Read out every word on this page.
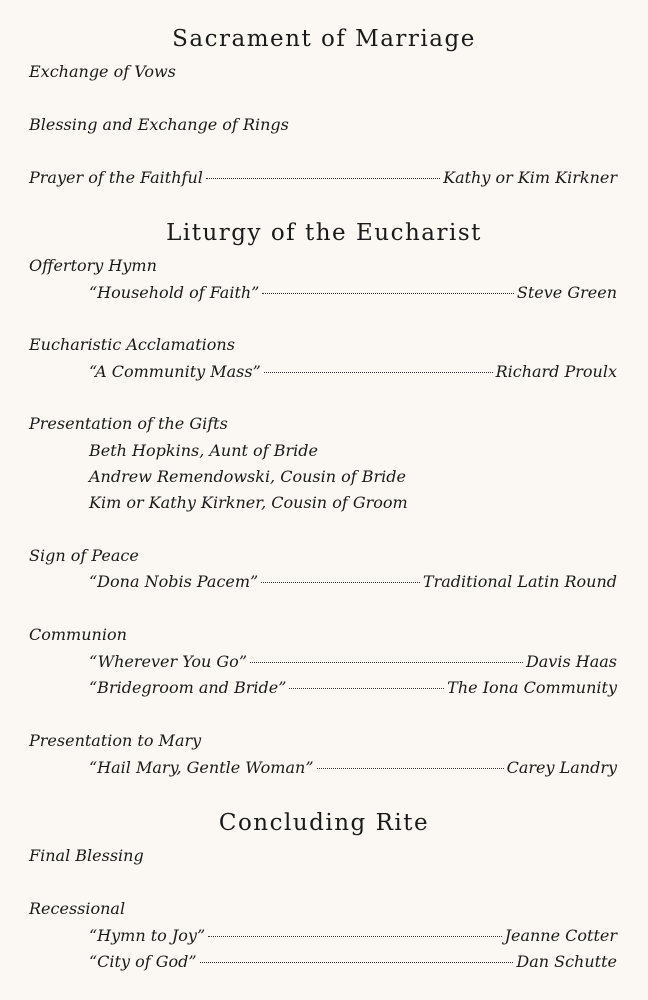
Sacrament of Marriage
Exchange of Vows
Blessing and Exchange of Rings
Prayer of the Faithful	Kathy or Kim Kirkner
Liturgy of the Eucharist
Offertory Hymn
“Household of Faith”	Steve Green
Eucharistic Acclamations
“A Community Mass”	Richard Proulx
Presentation of the Gifts
Beth Hopkins, Aunt of Bride
Andrew Remendowski, Cousin of Bride
Kim or Kathy Kirkner, Cousin of Groom
Sign of Peace
“Dona Nobis Pacem”	Traditional Latin Round
Communion
“Wherever You Go”	Davis Haas
“Bridegroom and Bride”	The Iona Community
Presentation to Mary
“Hail Mary, Gentle Woman”	Carey Landry
Concluding Rite
Final Blessing
Recessional
“Hymn to Joy”	Jeanne Cotter
“City of God”	Dan Schutte
